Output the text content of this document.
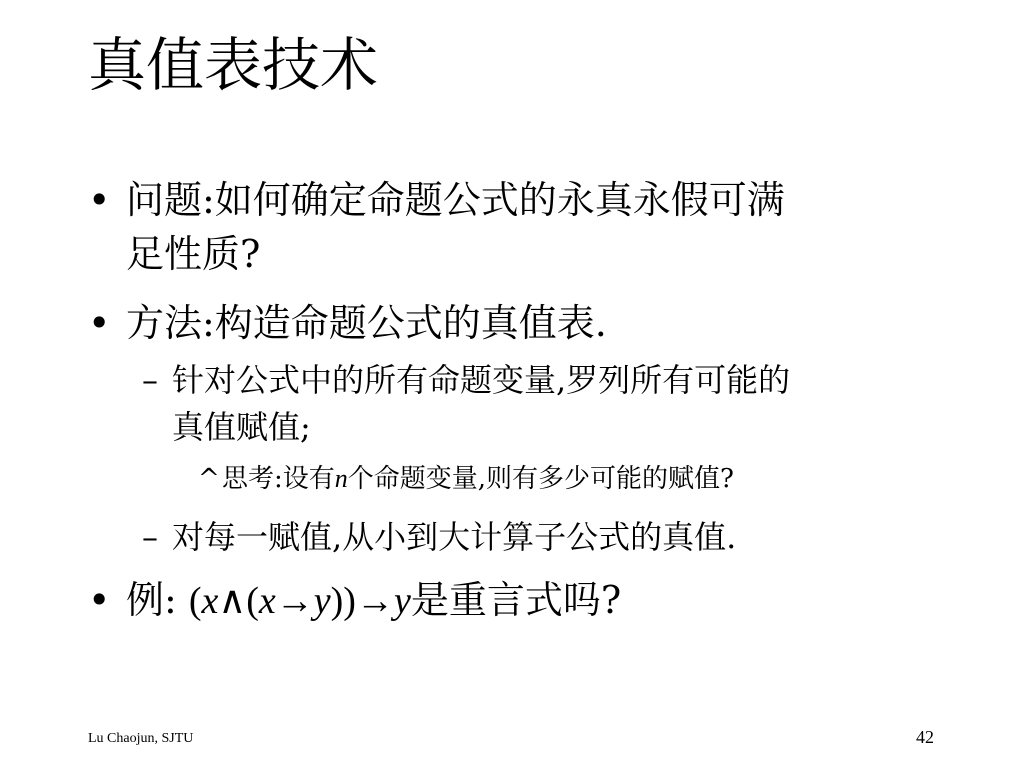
真值表技术
• 问题:如何确定命题公式的永真永假可满
足性质?
• 方法:构造命题公式的真值表.
– 针对公式中的所有命题变量,罗列所有可能的
真值赋值;
^ 思考:设有n个命题变量,则有多少可能的赋值?
– 对每一赋值,从小到大计算子公式的真值.
• 例: (x∧(x→y))→y是重言式吗?
Lu Chaojun, SJTU	42
